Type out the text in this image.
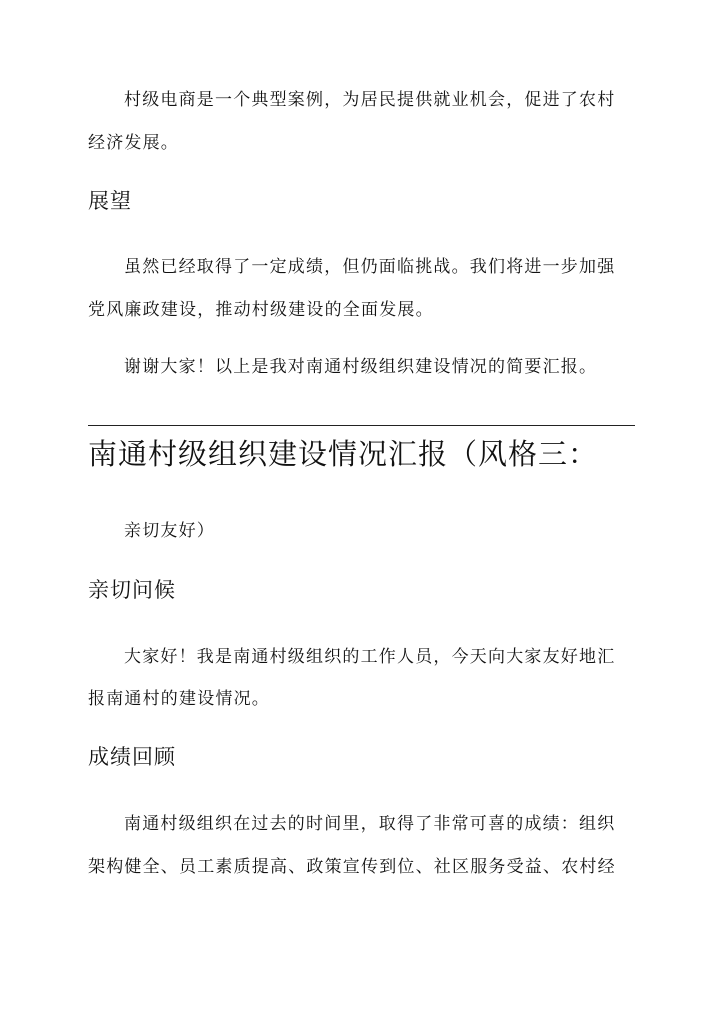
村级电商是一个典型案例，为居民提供就业机会，促进了农村
经济发展。
展望
虽然已经取得了一定成绩，但仍面临挑战。我们将进一步加强
党风廉政建设，推动村级建设的全面发展。
谢谢大家！以上是我对南通村级组织建设情况的简要汇报。
南通村级组织建设情况汇报（风格三：
亲切友好）
亲切问候
大家好！我是南通村级组织的工作人员，今天向大家友好地汇
报南通村的建设情况。
成绩回顾
南通村级组织在过去的时间里，取得了非常可喜的成绩：组织
架构健全、员工素质提高、政策宣传到位、社区服务受益、农村经
